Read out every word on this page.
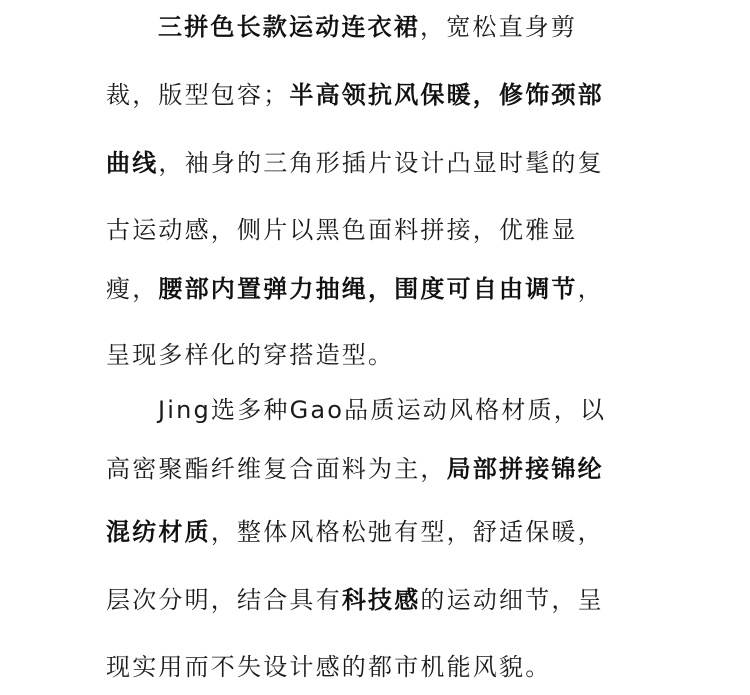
三拼色长款运动连衣裙，宽松直身剪
裁，版型包容；半高领抗风保暖，修饰颈部
曲线，袖身的三角形插片设计凸显时髦的复
古运动感，侧片以黑色面料拼接，优雅显
瘦，腰部内置弹力抽绳，围度可自由调节，
呈现多样化的穿搭造型。
Jing选多种Gao品质运动风格材质，以
高密聚酯纤维复合面料为主，局部拼接锦纶
混纺材质，整体风格松弛有型，舒适保暖，
层次分明，结合具有科技感的运动细节，呈
现实用而不失设计感的都市机能风貌。
